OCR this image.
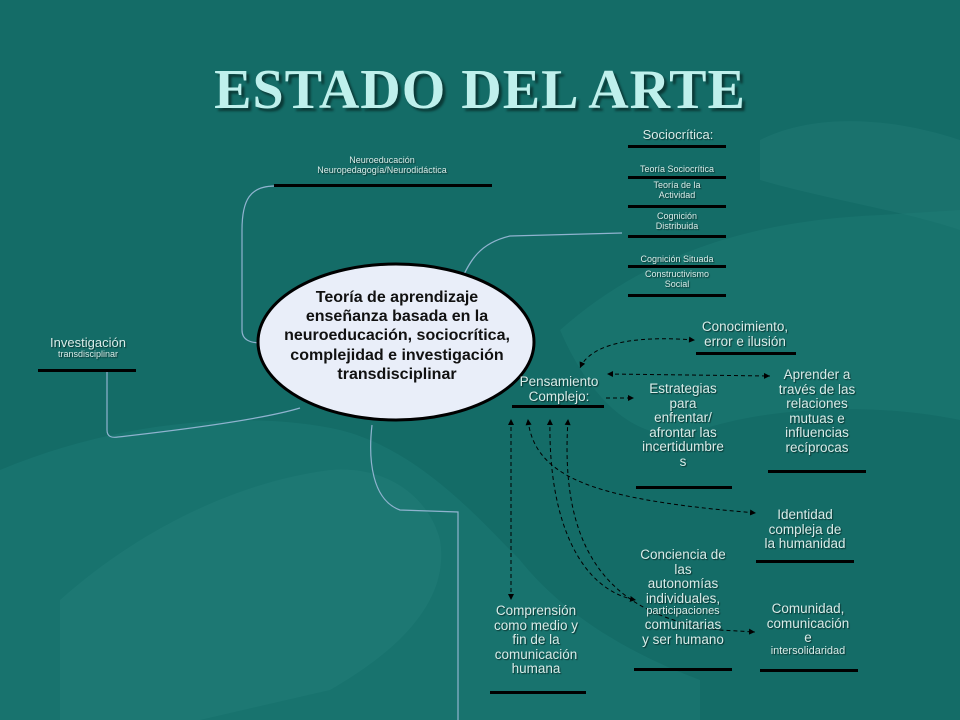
ESTADO DEL ARTE
Teoría de aprendizaje
enseñanza basada en la
neuroeducación, sociocrítica,
complejidad e investigación
transdisciplinar
Neuroeducación
Neuropedagogía/Neurodidáctica
Investigación
transdisciplinar
Sociocrítica:
Teoría Sociocrítica
Teoría de la Actividad
Cognición Distribuida
Cognición Situada
Constructivismo Social
Pensamiento
Complejo:
Conocimiento,
error e ilusión
Estrategias
para
enfrentar/
afrontar las
incertidumbre
s
Aprender a
través de las
relaciones
mutuas e
influencias
recíprocas
Identidad
compleja de
la humanidad
Conciencia de
las
autonomías
individuales,
participaciones
comunitarias
y ser humano
Comunidad,
comunicación
e
intersolidaridad
Comprensión
como medio y
fin de la
comunicación
humana
